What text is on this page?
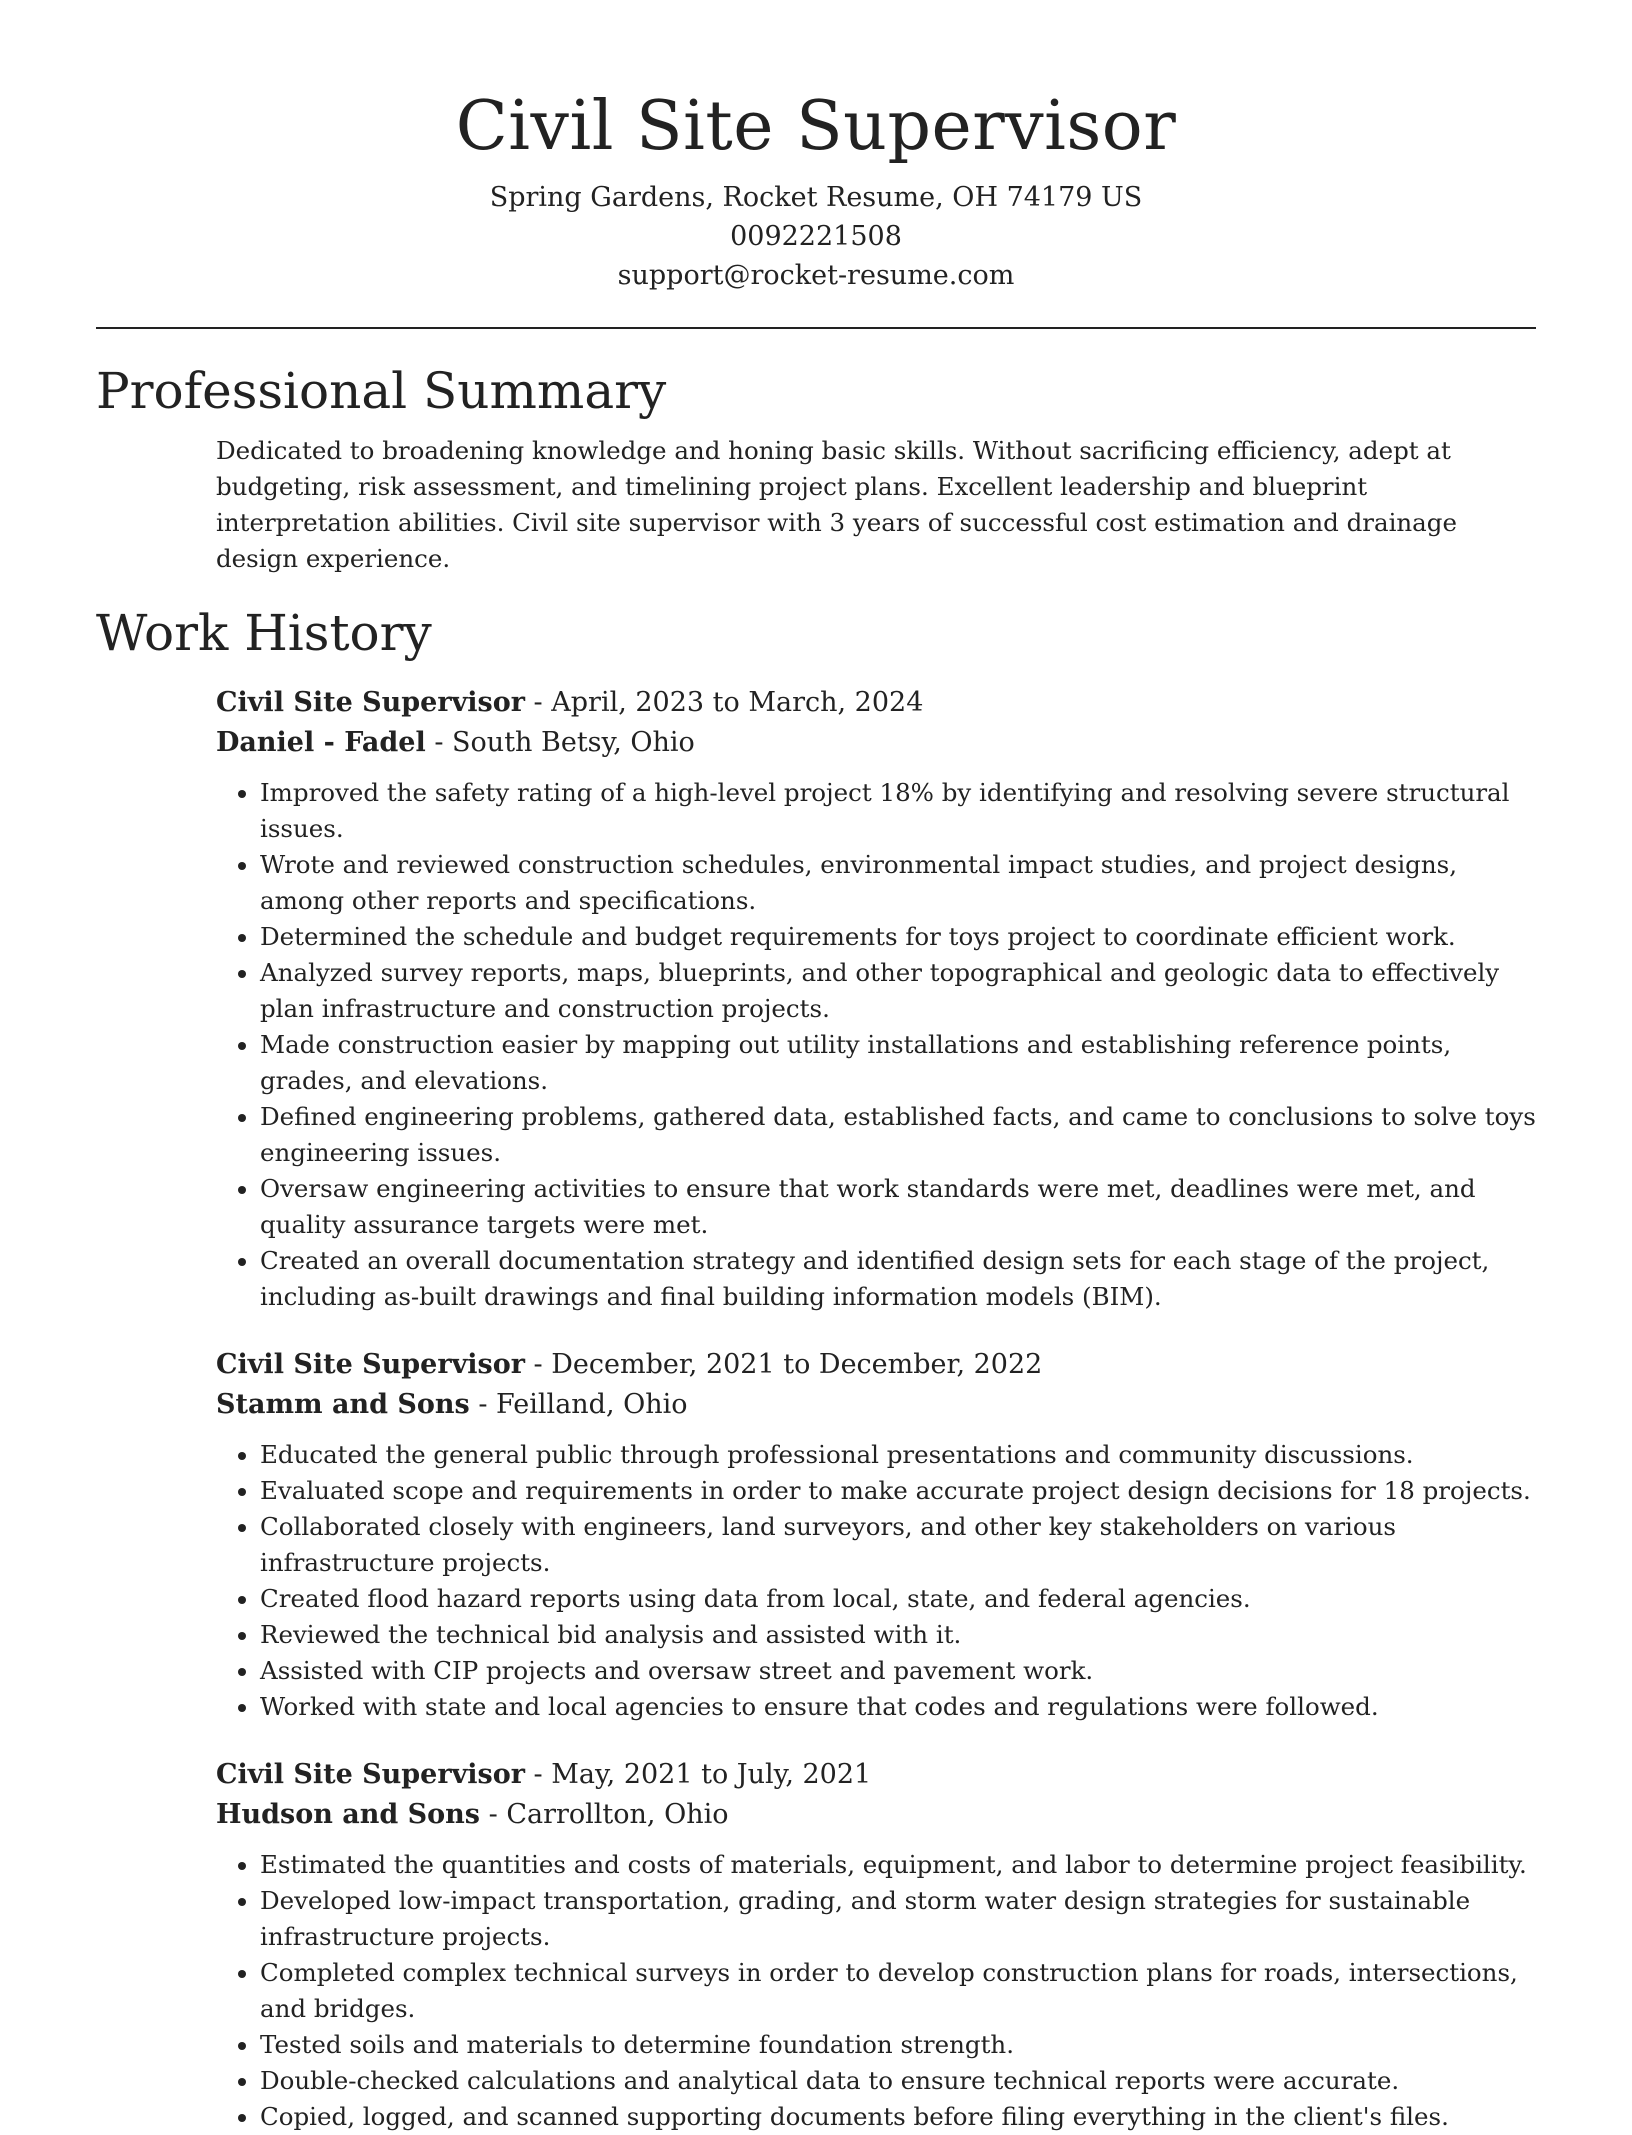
Civil Site Supervisor
Spring Gardens, Rocket Resume, OH 74179 US
0092221508
support@rocket-resume.com
Professional Summary

Dedicated to broadening knowledge and honing basic skills. Without sacrificing efficiency, adept at budgeting, risk assessment, and timelining project plans. Excellent leadership and blueprint interpretation abilities. Civil site supervisor with 3 years of successful cost estimation and drainage design experience.

Work History
Civil Site Supervisor - April, 2023 to March, 2024
Daniel - Fadel - South Betsy, Ohio
• Improved the safety rating of a high-level project 18% by identifying and resolving severe structural issues.
• Wrote and reviewed construction schedules, environmental impact studies, and project designs, among other reports and specifications.
• Determined the schedule and budget requirements for toys project to coordinate efficient work.
• Analyzed survey reports, maps, blueprints, and other topographical and geologic data to effectively plan infrastructure and construction projects.
• Made construction easier by mapping out utility installations and establishing reference points, grades, and elevations.
• Defined engineering problems, gathered data, established facts, and came to conclusions to solve toys engineering issues.
• Oversaw engineering activities to ensure that work standards were met, deadlines were met, and quality assurance targets were met.
• Created an overall documentation strategy and identified design sets for each stage of the project, including as-built drawings and final building information models (BIM).
Civil Site Supervisor - December, 2021 to December, 2022
Stamm and Sons - Feilland, Ohio
• Educated the general public through professional presentations and community discussions.
• Evaluated scope and requirements in order to make accurate project design decisions for 18 projects.
• Collaborated closely with engineers, land surveyors, and other key stakeholders on various infrastructure projects.
• Created flood hazard reports using data from local, state, and federal agencies.
• Reviewed the technical bid analysis and assisted with it.
• Assisted with CIP projects and oversaw street and pavement work.
• Worked with state and local agencies to ensure that codes and regulations were followed.
Civil Site Supervisor - May, 2021 to July, 2021
Hudson and Sons - Carrollton, Ohio
• Estimated the quantities and costs of materials, equipment, and labor to determine project feasibility.
• Developed low-impact transportation, grading, and storm water design strategies for sustainable infrastructure projects.
• Completed complex technical surveys in order to develop construction plans for roads, intersections, and bridges.
• Tested soils and materials to determine foundation strength.
• Double-checked calculations and analytical data to ensure technical reports were accurate.
• Copied, logged, and scanned supporting documents before filing everything in the client's files.
